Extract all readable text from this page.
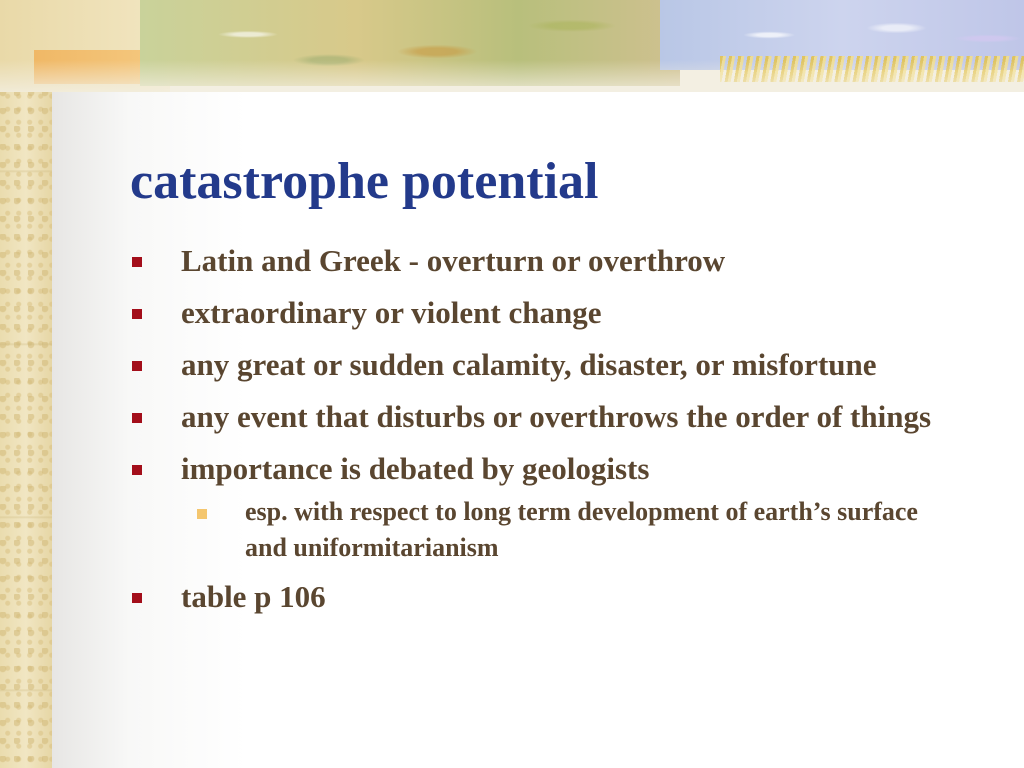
catastrophe potential
Latin and Greek - overturn or overthrow
extraordinary or violent change
any great or sudden calamity, disaster, or misfortune
any event that disturbs or overthrows the order of things
importance is debated by geologists
esp. with respect to long term development of earth’s surface and uniformitarianism
table p 106
